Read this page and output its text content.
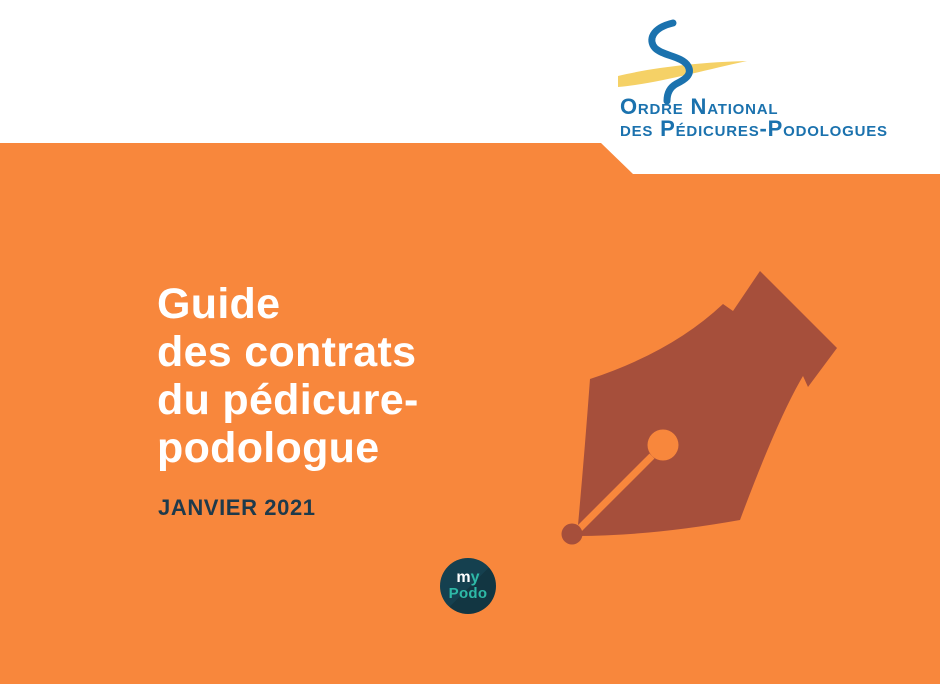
Ordre National
des Pédicures-Podologues
Guide
des contrats
du pédicure-
podologue
JANVIER 2021
my
Podo
